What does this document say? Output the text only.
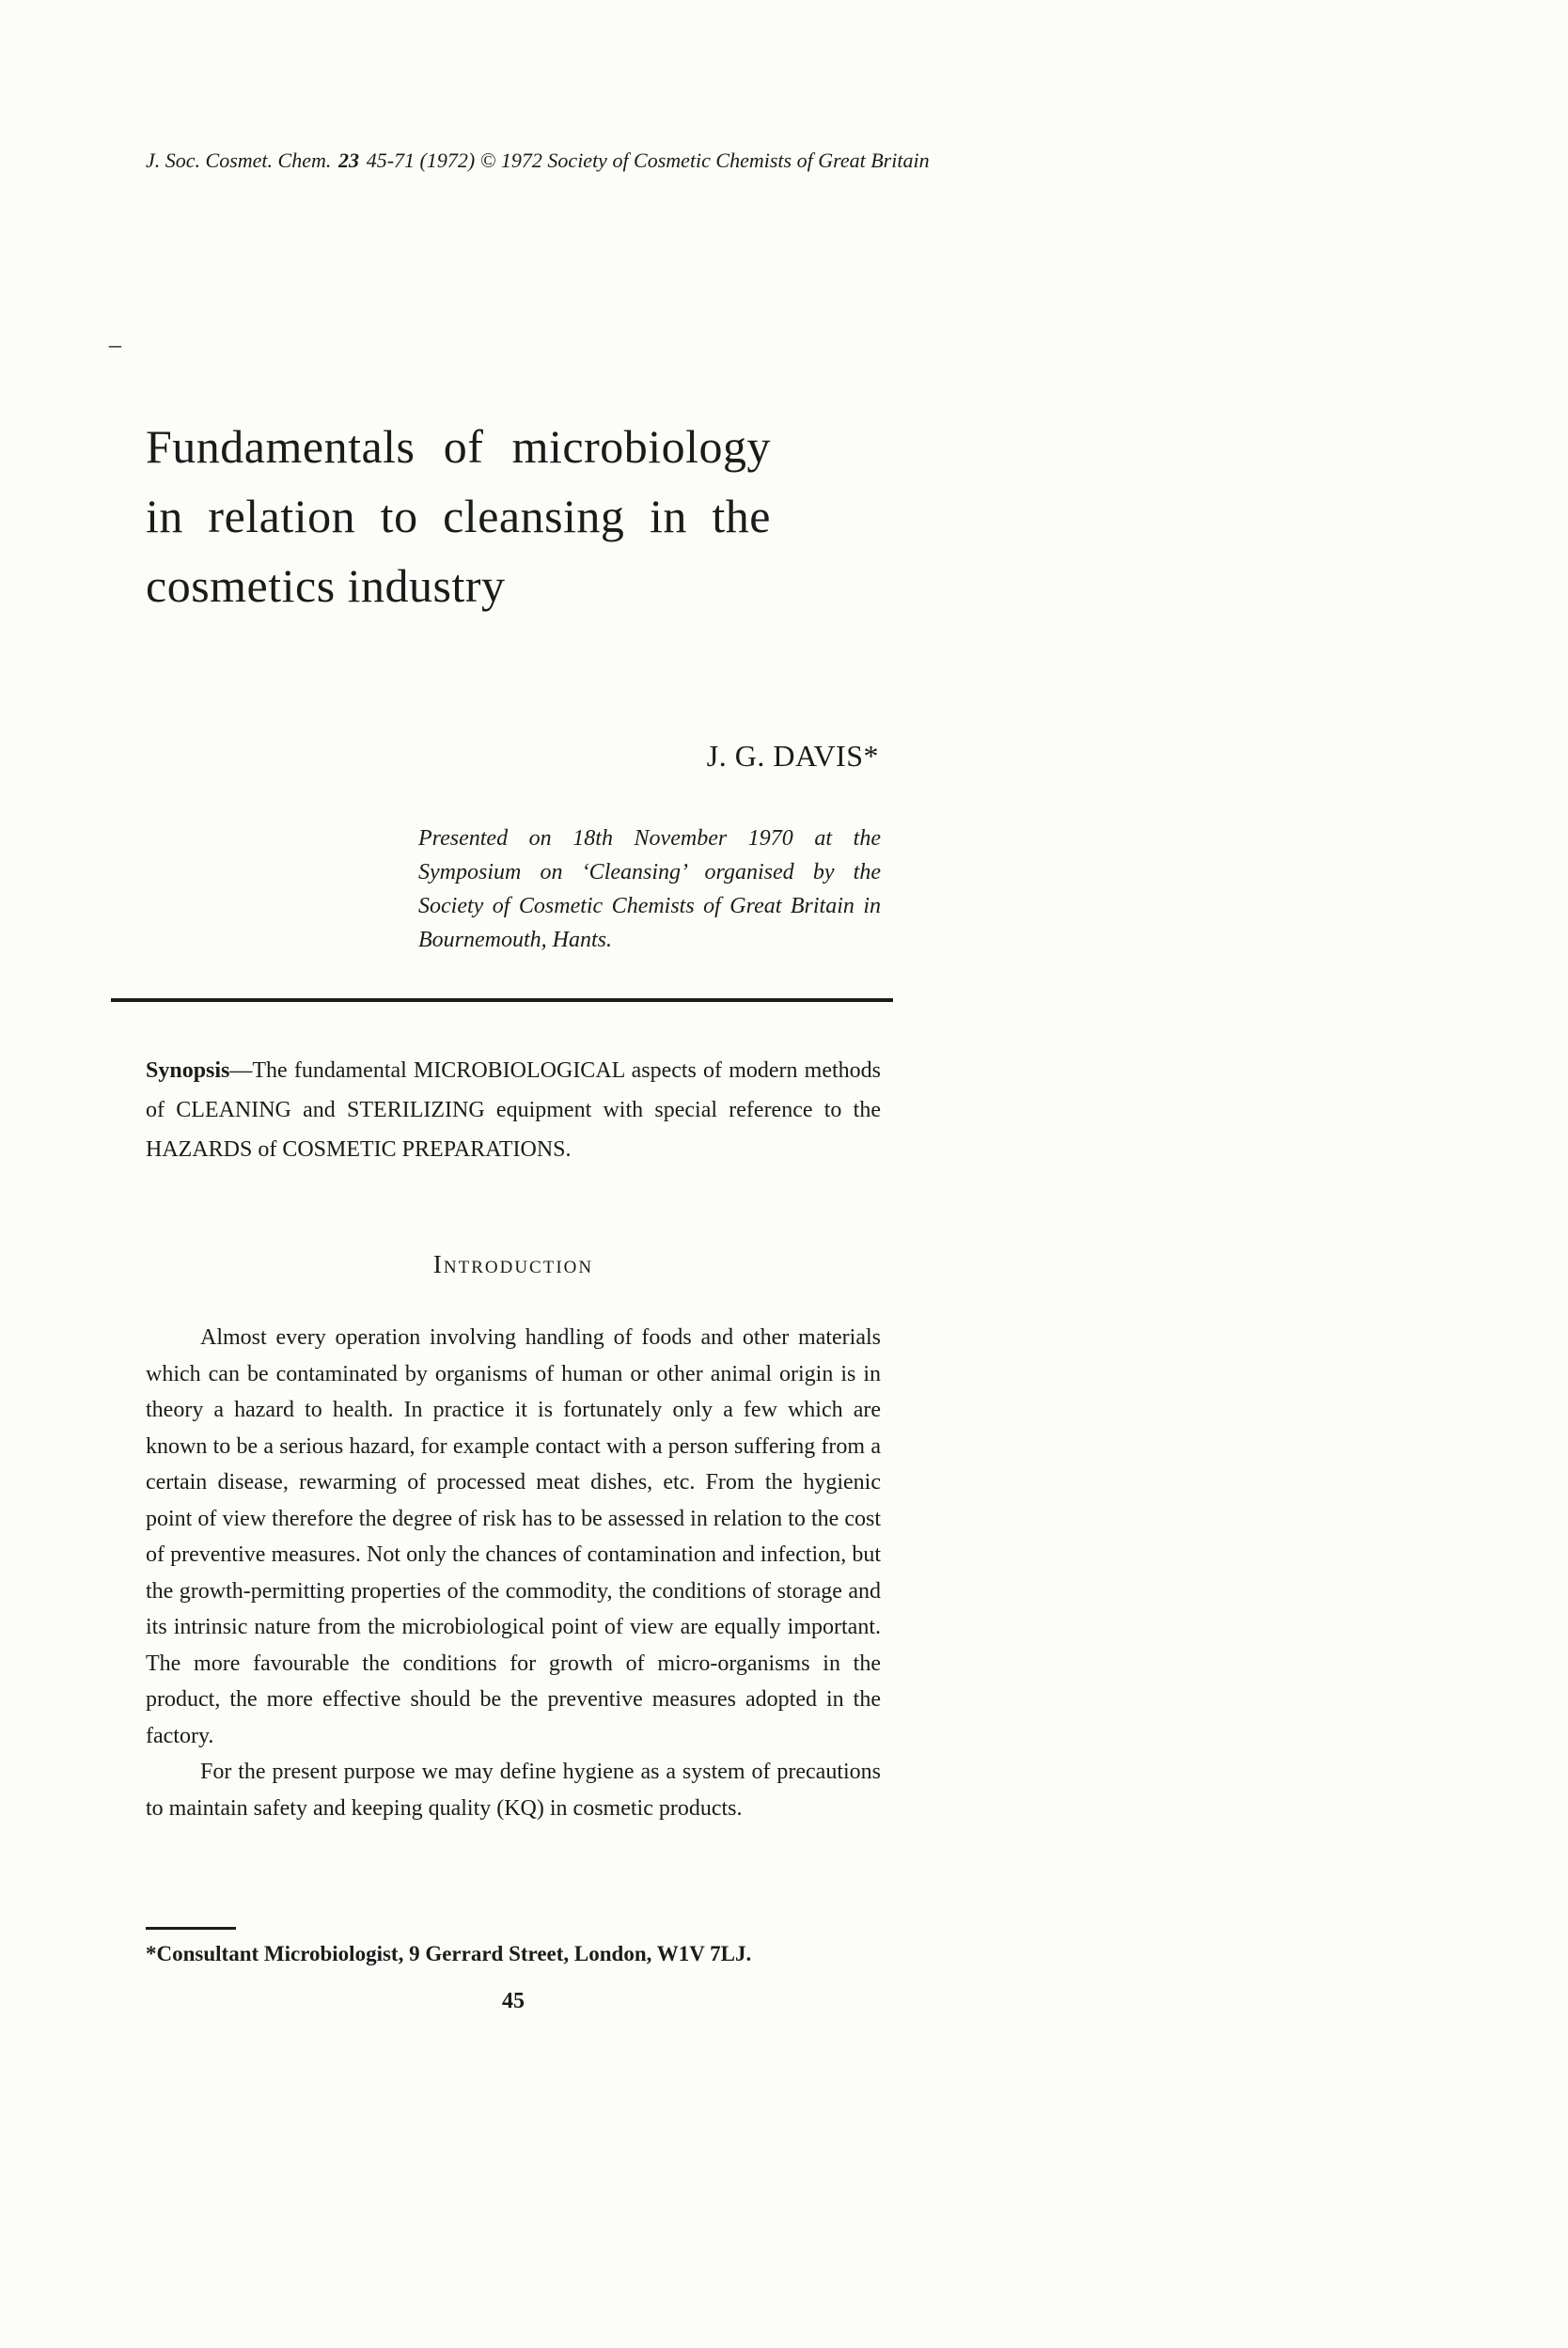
J. Soc. Cosmet. Chem. 23 45-71 (1972) © 1972 Society of Cosmetic Chemists of Great Britain
–
Fundamentals of microbiology
in relation to cleansing in the
cosmetics industry
J. G. DAVIS*
Presented on 18th November 1970 at the Symposium on ‘Cleansing’ organised by the Society of Cosmetic Chemists of Great Britain in Bournemouth, Hants.
Synopsis—The fundamental MICROBIOLOGICAL aspects of modern methods of CLEANING and STERILIZING equipment with special reference to the HAZARDS of COSMETIC PREPARATIONS.
Introduction

Almost every operation involving handling of foods and other materials which can be contaminated by organisms of human or other animal origin is in theory a hazard to health. In practice it is fortunately only a few which are known to be a serious hazard, for example contact with a person suffering from a certain disease, rewarming of processed meat dishes, etc. From the hygienic point of view therefore the degree of risk has to be assessed in relation to the cost of preventive measures. Not only the chances of contamination and infection, but the growth-permitting properties of the commodity, the conditions of storage and its intrinsic nature from the microbiological point of view are equally important. The more favourable the conditions for growth of micro-organisms in the product, the more effective should be the preventive measures adopted in the factory.

For the present purpose we may define hygiene as a system of precautions to maintain safety and keeping quality (KQ) in cosmetic products.

*Consultant Microbiologist, 9 Gerrard Street, London, W1V 7LJ.
45
